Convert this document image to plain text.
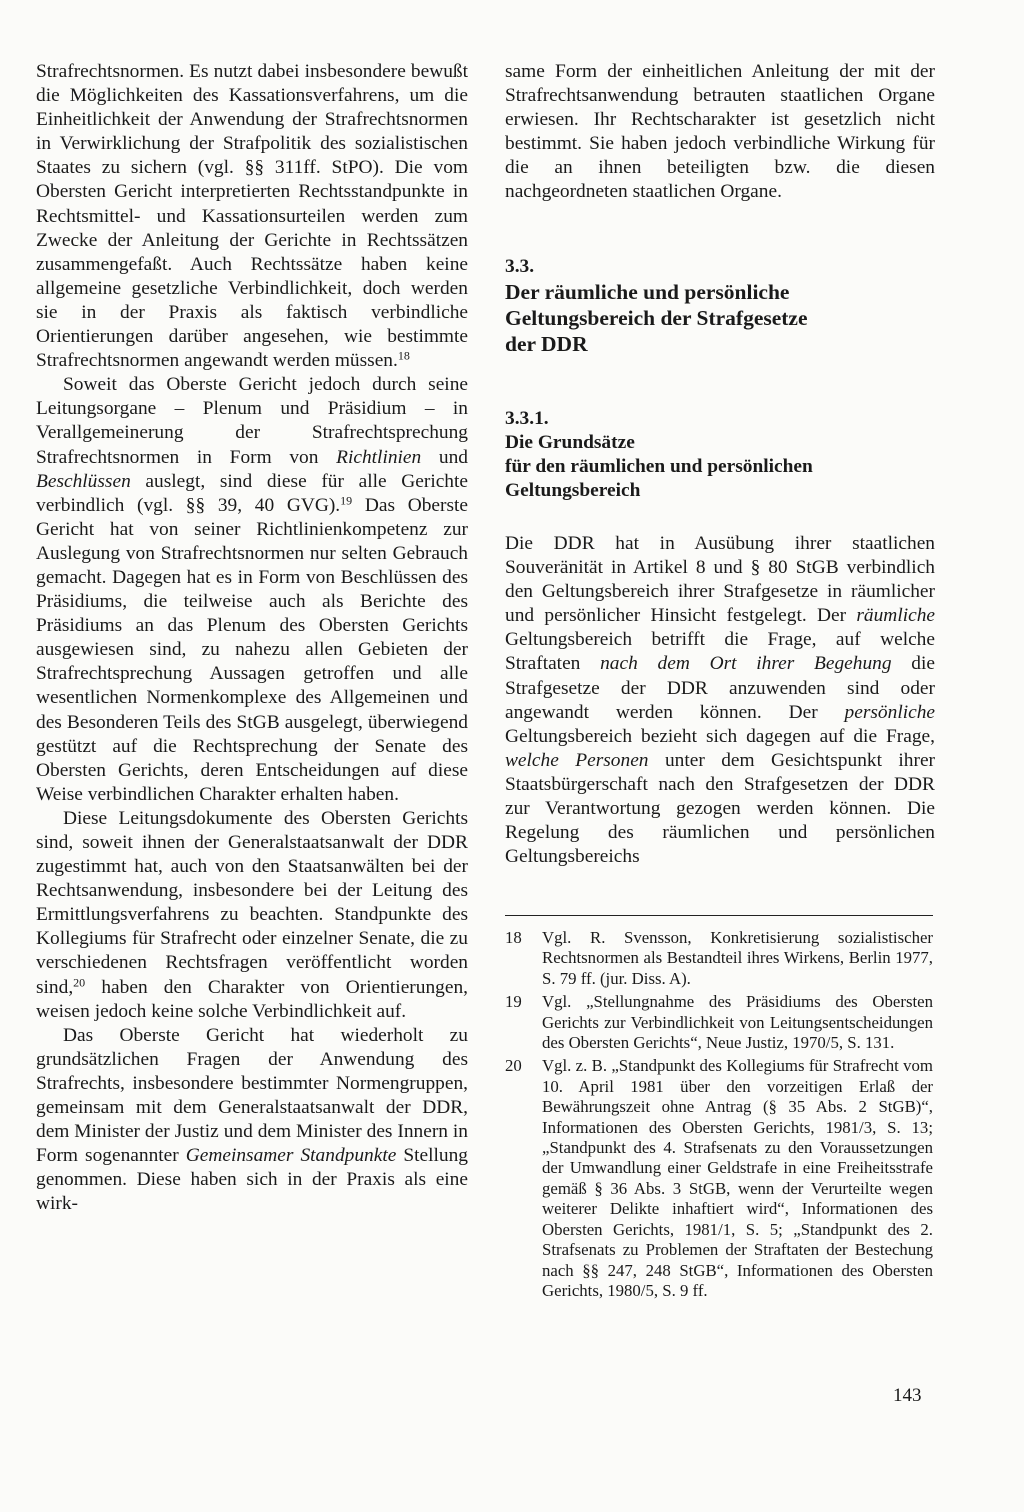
Strafrechtsnormen. Es nutzt dabei insbesondere bewußt die Möglichkeiten des Kassationsverfahrens, um die Einheitlichkeit der Anwendung der Strafrechtsnormen in Verwirklichung der Strafpolitik des sozialistischen Staates zu sichern (vgl. §§ 311ff. StPO). Die vom Obersten Gericht interpretierten Rechtsstandpunkte in Rechtsmittel- und Kassationsurteilen werden zum Zwecke der Anleitung der Gerichte in Rechtssätzen zusammengefaßt. Auch Rechtssätze haben keine allgemeine gesetzliche Verbindlichkeit, doch werden sie in der Praxis als faktisch verbindliche Orientierungen darüber angesehen, wie bestimmte Strafrechtsnormen angewandt werden müssen.$^{18}$

Soweit das Oberste Gericht jedoch durch seine Leitungsorgane – Plenum und Präsidium – in Verallgemeinerung der Strafrechtsprechung Strafrechtsnormen in Form von Richtlinien und Beschlüssen auslegt, sind diese für alle Gerichte verbindlich (vgl. §§ 39, 40 GVG).$^{19}$ Das Oberste Gericht hat von seiner Richtlinienkompetenz zur Auslegung von Strafrechtsnormen nur selten Gebrauch gemacht. Dagegen hat es in Form von Beschlüssen des Präsidiums, die teilweise auch als Berichte des Präsidiums an das Plenum des Obersten Gerichts ausgewiesen sind, zu nahezu allen Gebieten der Strafrechtsprechung Aussagen getroffen und alle wesentlichen Normenkomplexe des Allgemeinen und des Besonderen Teils des StGB ausgelegt, überwiegend gestützt auf die Rechtsprechung der Senate des Obersten Gerichts, deren Entscheidungen auf diese Weise verbindlichen Charakter erhalten haben.

Diese Leitungsdokumente des Obersten Gerichts sind, soweit ihnen der Generalstaatsanwalt der DDR zugestimmt hat, auch von den Staatsanwälten bei der Rechtsanwendung, insbesondere bei der Leitung des Ermittlungsverfahrens zu beachten. Standpunkte des Kollegiums für Strafrecht oder einzelner Senate, die zu verschiedenen Rechtsfragen veröffentlicht worden sind,$^{20}$ haben den Charakter von Orientierungen, weisen jedoch keine solche Verbindlichkeit auf.

Das Oberste Gericht hat wiederholt zu grundsätzlichen Fragen der Anwendung des Strafrechts, insbesondere bestimmter Normengruppen, gemeinsam mit dem Generalstaatsanwalt der DDR, dem Minister der Justiz und dem Minister des Innern in Form sogenannter Gemeinsamer Standpunkte Stellung genommen. Diese haben sich in der Praxis als eine wirk-

same Form der einheitlichen Anleitung der mit der Strafrechtsanwendung betrauten staatlichen Organe erwiesen. Ihr Rechtscharakter ist gesetzlich nicht bestimmt. Sie haben jedoch verbindliche Wirkung für die an ihnen beteiligten bzw. die diesen nachgeordneten staatlichen Organe.

3.3.

Der räumliche und persönliche

Geltungsbereich der Strafgesetze

der DDR

3.3.1.

Die Grundsätze

für den räumlichen und persönlichen

Geltungsbereich

Die DDR hat in Ausübung ihrer staatlichen Souveränität in Artikel 8 und § 80 StGB verbindlich den Geltungsbereich ihrer Strafgesetze in räumlicher und persönlicher Hinsicht festgelegt. Der räumliche Geltungsbereich betrifft die Frage, auf welche Straftaten nach dem Ort ihrer Begehung die Strafgesetze der DDR anzuwenden sind oder angewandt werden können. Der persönliche Geltungsbereich bezieht sich dagegen auf die Frage, welche Personen unter dem Gesichtspunkt ihrer Staatsbürgerschaft nach den Strafgesetzen der DDR zur Verantwortung gezogen werden können. Die Regelung des räumlichen und persönlichen Geltungsbereichs

18 Vgl. R. Svensson, Konkretisierung sozialistischer Rechtsnormen als Bestandteil ihres Wirkens, Berlin 1977, S. 79 ff. (jur. Diss. A).

19 Vgl. „Stellungnahme des Präsidiums des Obersten Gerichts zur Verbindlichkeit von Leitungsentscheidungen des Obersten Gerichts“, Neue Justiz, 1970/5, S. 131.

20 Vgl. z. B. „Standpunkt des Kollegiums für Strafrecht vom 10. April 1981 über den vorzeitigen Erlaß der Bewährungszeit ohne Antrag (§ 35 Abs. 2 StGB)“, Informationen des Obersten Gerichts, 1981/3, S. 13; „Standpunkt des 4. Strafsenats zu den Voraussetzungen der Umwandlung einer Geldstrafe in eine Freiheitsstrafe gemäß § 36 Abs. 3 StGB, wenn der Verurteilte wegen weiterer Delikte inhaftiert wird“, Informationen des Obersten Gerichts, 1981/1, S. 5; „Standpunkt des 2. Strafsenats zu Problemen der Straftaten der Bestechung nach §§ 247, 248 StGB“, Informationen des Obersten Gerichts, 1980/5, S. 9 ff.

143
